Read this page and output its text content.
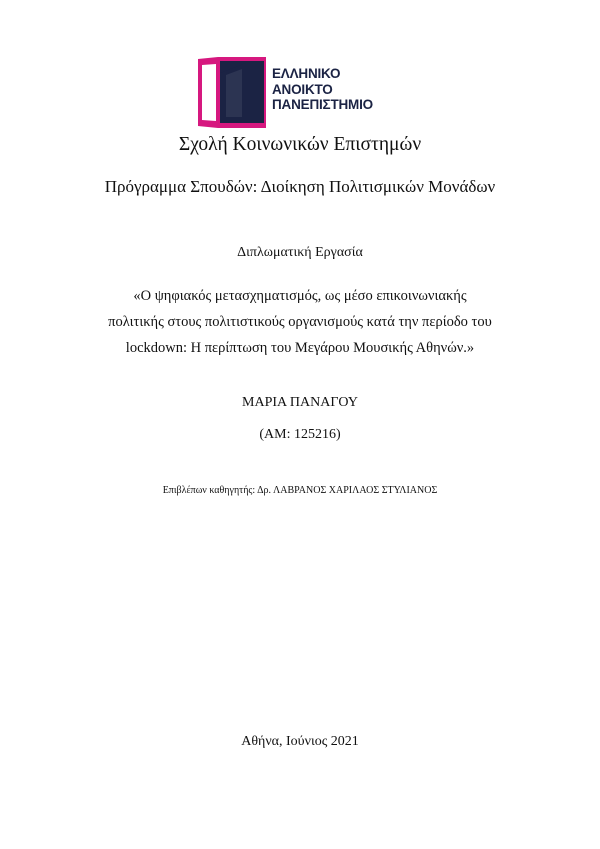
ΕΛΛΗΝΙΚΟ
ΑΝΟΙΚΤΟ
ΠΑΝΕΠΙΣΤΗΜΙΟ
Σχολή Κοινωνικών Επιστημών
Πρόγραμμα Σπουδών: Διοίκηση Πολιτισμικών Μονάδων
Διπλωματική Εργασία
«Ο ψηφιακός μετασχηματισμός, ως μέσο επικοινωνιακής
πολιτικής στους πολιτιστικούς οργανισμούς κατά την περίοδο του
lockdown: Η περίπτωση του Μεγάρου Μουσικής Αθηνών.»
ΜΑΡΙΑ ΠΑΝΑΓΟΥ
(ΑΜ: 125216)
Επιβλέπων καθηγητής: Δρ. ΛΑΒΡΑΝΟΣ ΧΑΡΙΛΑΟΣ ΣΤΥΛΙΑΝΟΣ
Αθήνα, Ιούνιος 2021
